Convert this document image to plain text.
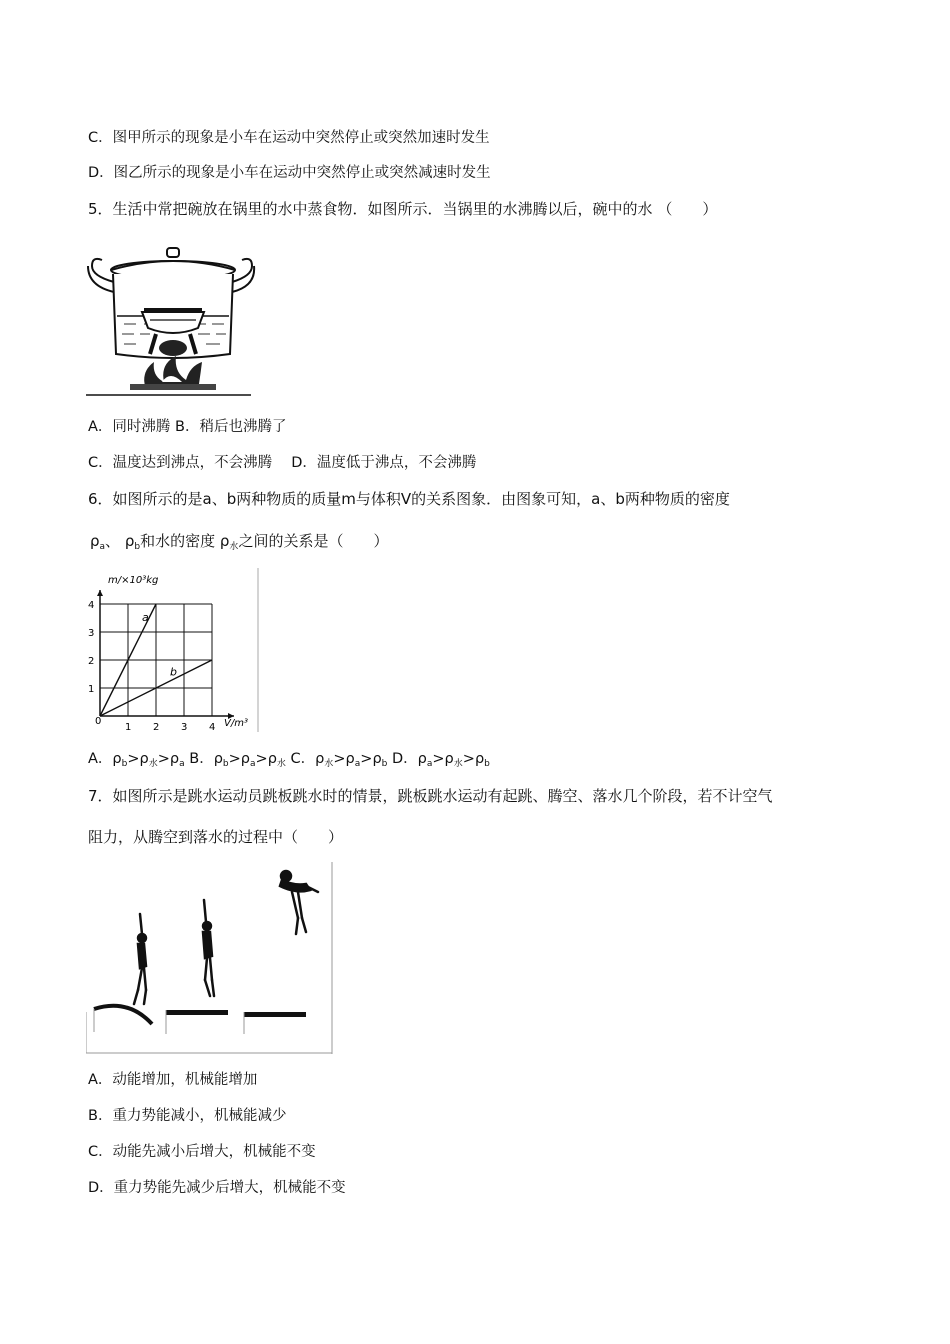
C．图甲所示的现象是小车在运动中突然停止或突然加速时发生
D．图乙所示的现象是小车在运动中突然停止或突然减速时发生
5．生活中常把碗放在锅里的水中蒸食物．如图所示．当锅里的水沸腾以后，碗中的水 （　　）
A．同时沸腾 B．稍后也沸腾了
C．温度达到沸点，不会沸腾　 D．温度低于沸点，不会沸腾
6．如图所示的是a、b两种物质的质量m与体积V的关系图象．由图象可知，a、b两种物质的密度
$\rho_a$、 $\rho_b$和水的密度 $\rho_水$之间的关系是（　　）
1 2 3 4
1
2
3
4
a
b
m/×10³kg
V/m³
0
A．$\rho_b>\rho_水>\rho_a$ B．$\rho_b>\rho_a>\rho_水$ C．$\rho_水>\rho_a>\rho_b$ D．$\rho_a>\rho_水>\rho_b$
7．如图所示是跳水运动员跳板跳水时的情景，跳板跳水运动有起跳、腾空、落水几个阶段，若不计空气
阻力，从腾空到落水的过程中（　　）
A．动能增加，机械能增加
B．重力势能减小，机械能减少
C．动能先减小后增大，机械能不变
D．重力势能先减少后增大，机械能不变
